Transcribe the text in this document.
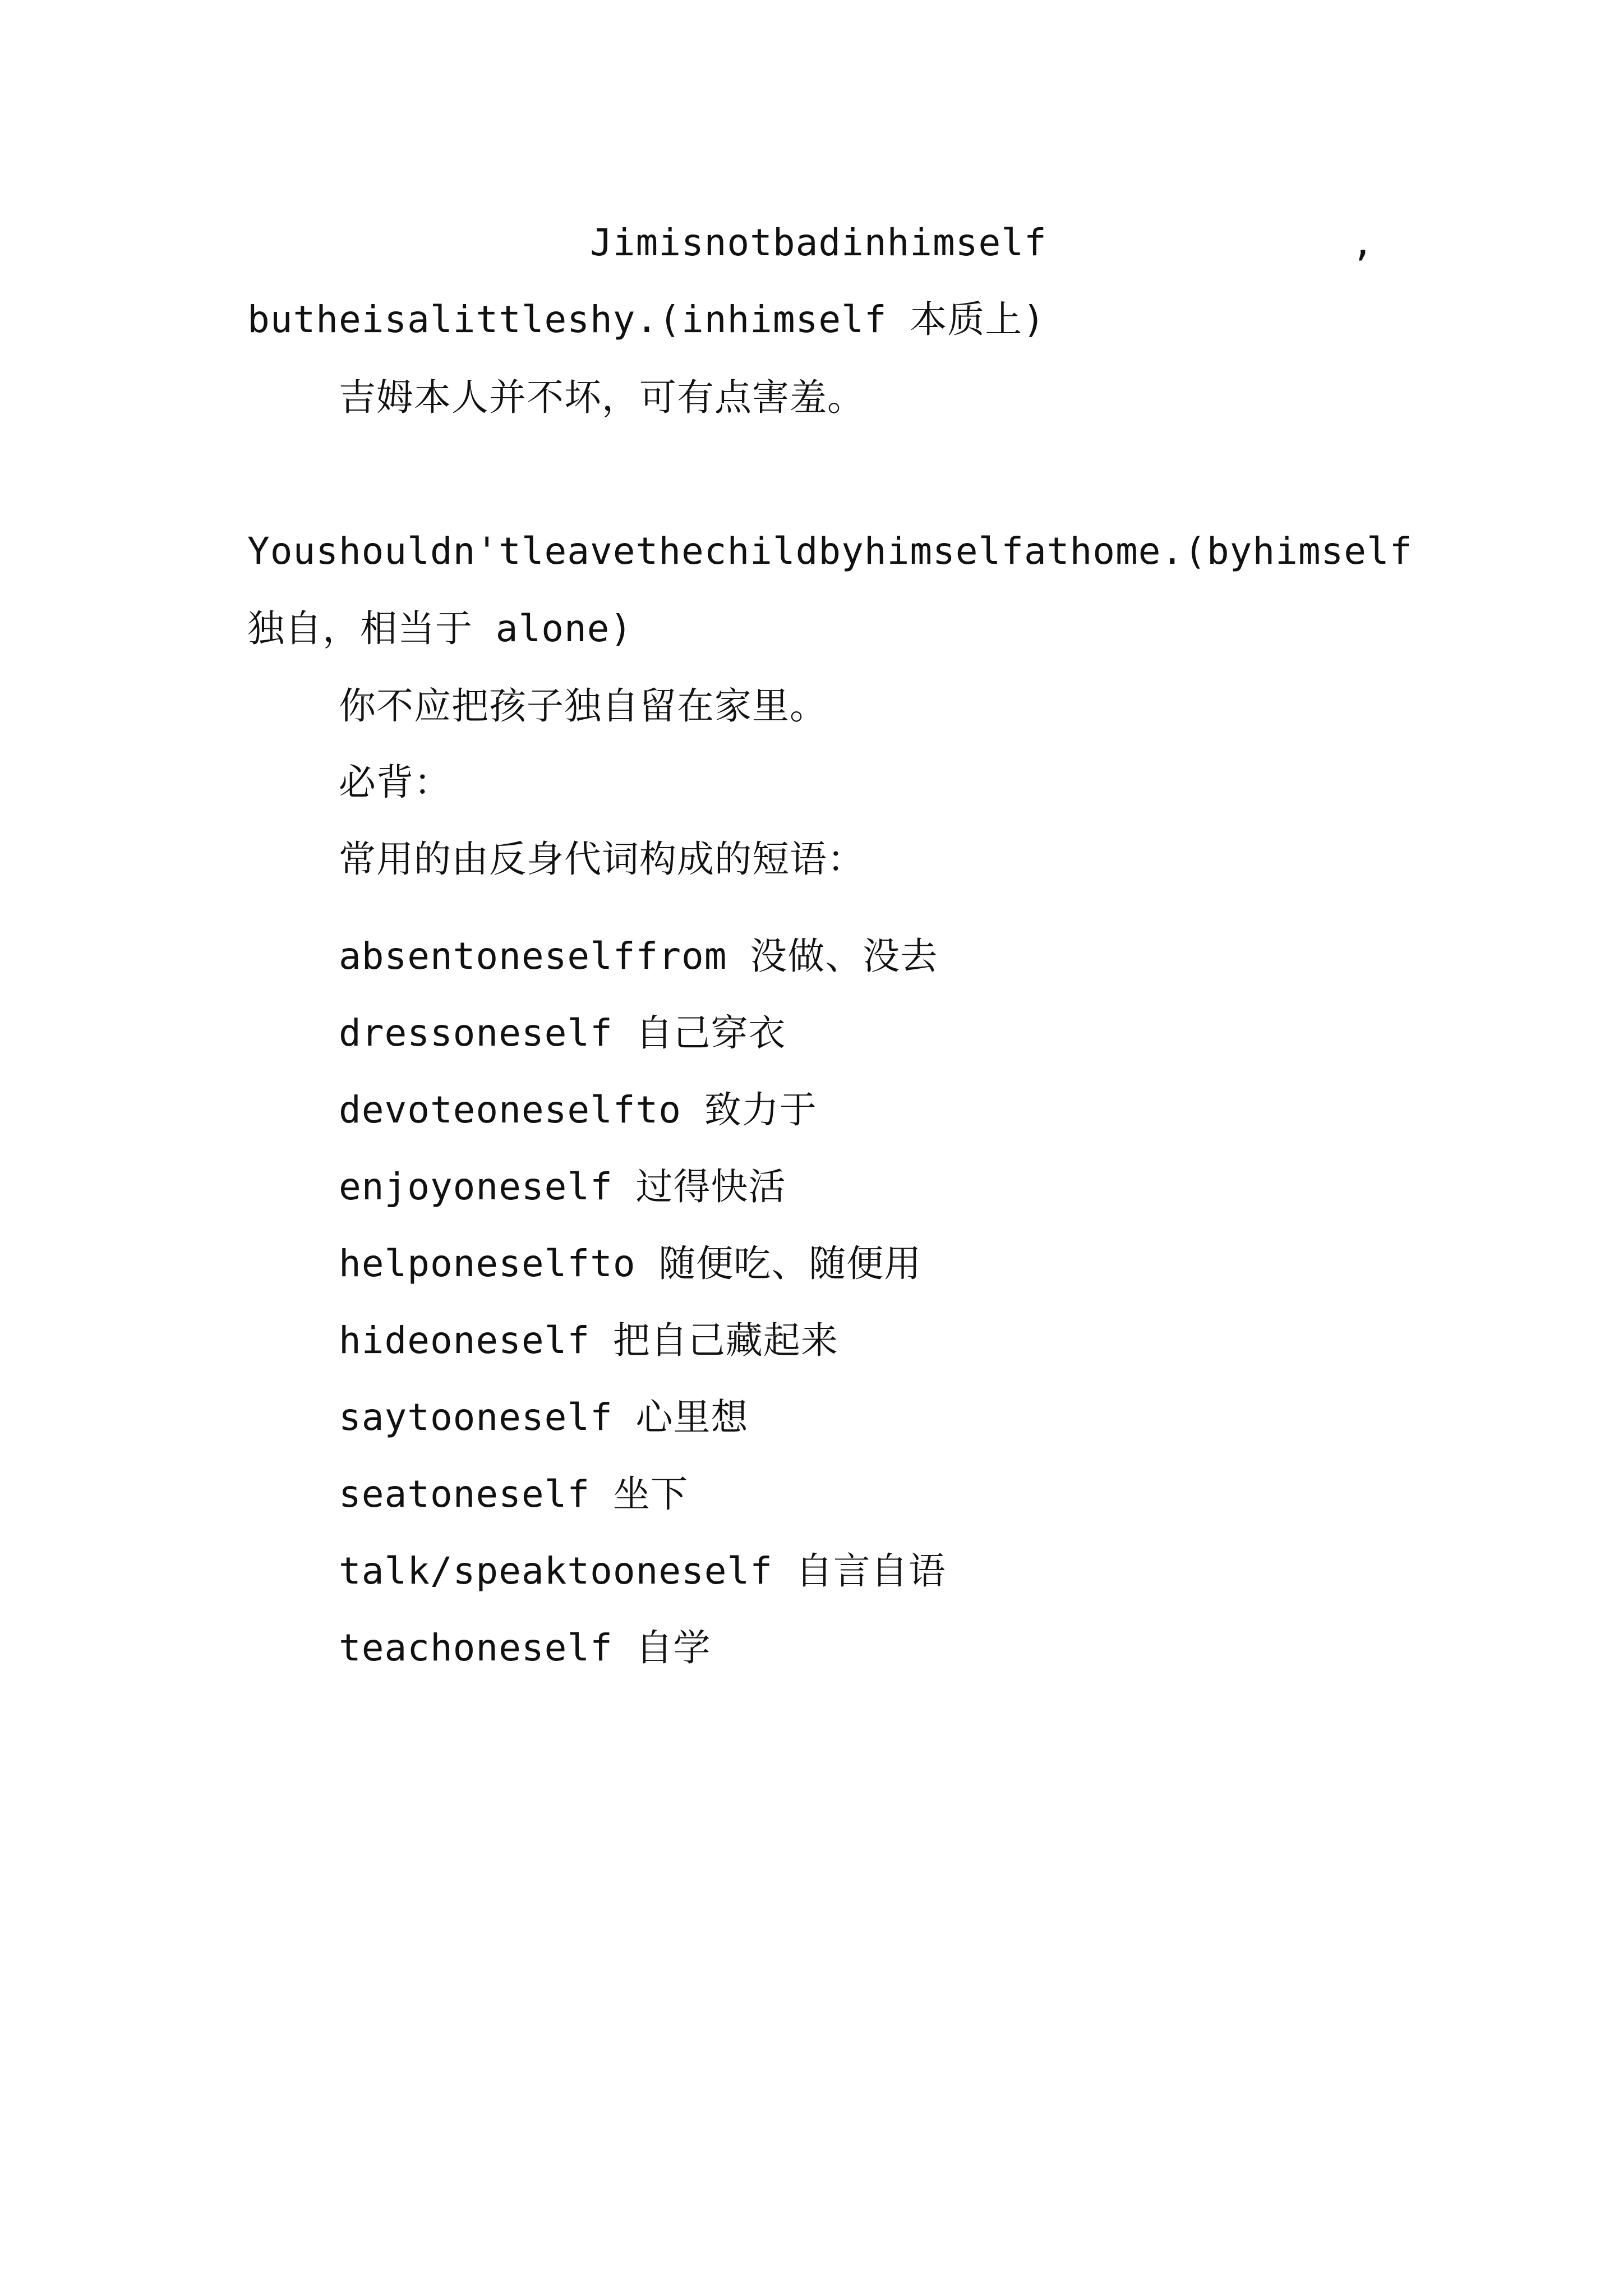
Jimisnotbadinhimself	,
butheisalittleshy.(inhimself 本质上)
吉姆本人并不坏，可有点害羞。
Youshouldn'tleavethechildbyhimselfathome.(byhimself
独自，相当于 alone)
你不应把孩子独自留在家里。
必背：
常用的由反身代词构成的短语：
absentoneselffrom 没做、没去
dressoneself 自己穿衣
devoteoneselfto 致力于
enjoyoneself 过得快活
helponeselfto 随便吃、随便用
hideoneself 把自己藏起来
saytooneself 心里想
seatoneself 坐下
talk/speaktooneself 自言自语
teachoneself 自学
